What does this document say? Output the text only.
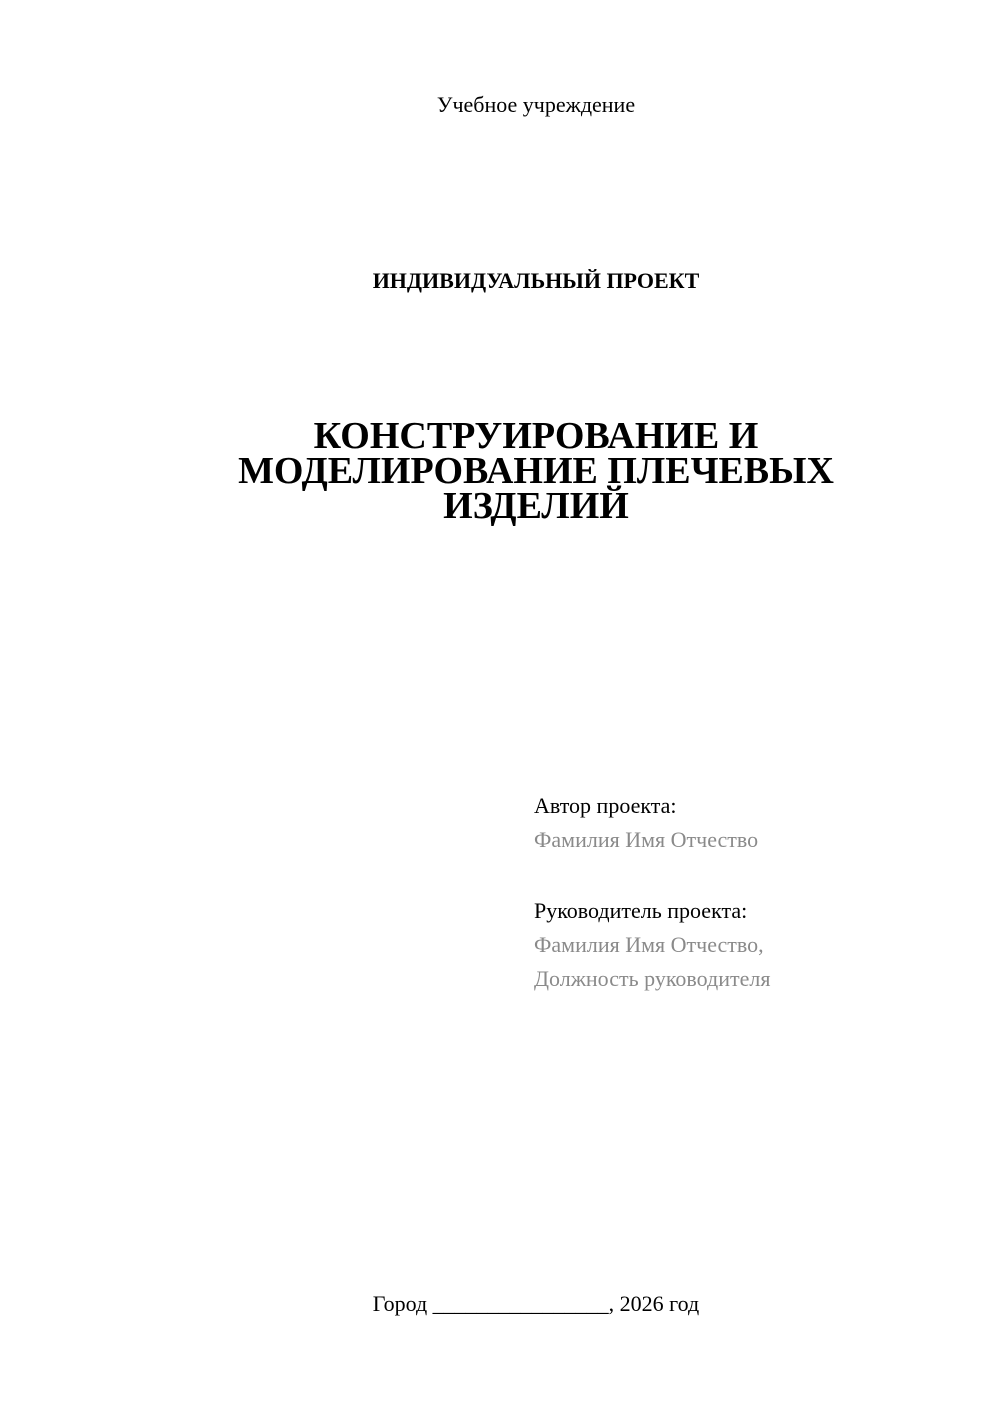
Учебное учреждение
ИНДИВИДУАЛЬНЫЙ ПРОЕКТ
КОНСТРУИРОВАНИЕ И
МОДЕЛИРОВАНИЕ ПЛЕЧЕВЫХ
ИЗДЕЛИЙ
Автор проекта:
Фамилия Имя Отчество
Руководитель проекта:
Фамилия Имя Отчество,
Должность руководителя
Город ________________, 2026 год
